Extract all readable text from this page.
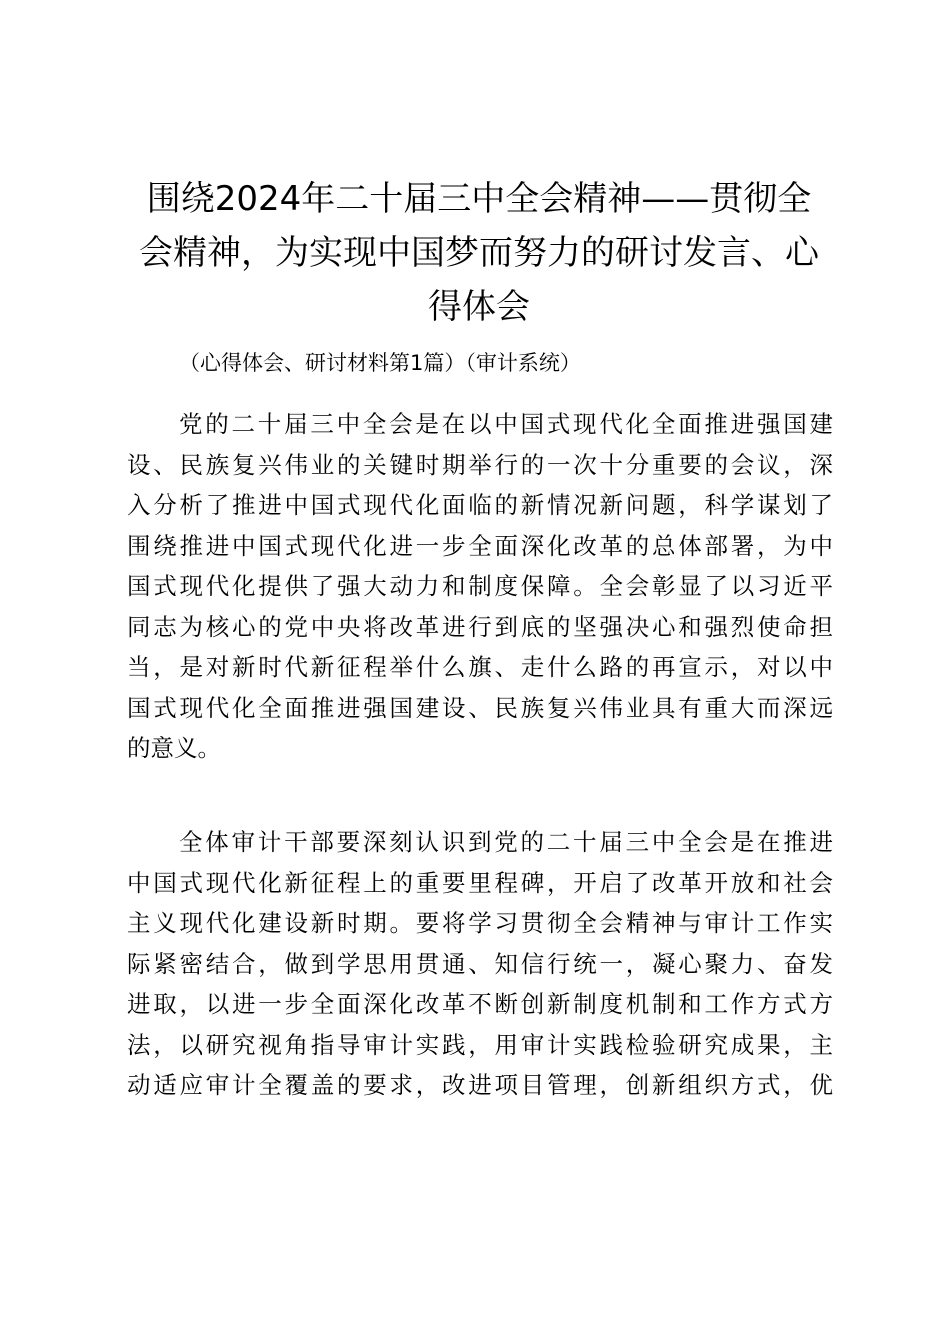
围绕2024年二十届三中全会精神——贯彻全
会精神，为实现中国梦而努力的研讨发言、心
得体会

（心得体会、研讨材料第1篇）（审计系统）

党的二十届三中全会是在以中国式现代化全面推进强国建
设、民族复兴伟业的关键时期举行的一次十分重要的会议，深
入分析了推进中国式现代化面临的新情况新问题，科学谋划了
围绕推进中国式现代化进一步全面深化改革的总体部署，为中
国式现代化提供了强大动力和制度保障。全会彰显了以习近平
同志为核心的党中央将改革进行到底的坚强决心和强烈使命担
当，是对新时代新征程举什么旗、走什么路的再宣示，对以中
国式现代化全面推进强国建设、民族复兴伟业具有重大而深远
的意义。

全体审计干部要深刻认识到党的二十届三中全会是在推进
中国式现代化新征程上的重要里程碑，开启了改革开放和社会
主义现代化建设新时期。要将学习贯彻全会精神与审计工作实
际紧密结合，做到学思用贯通、知信行统一，凝心聚力、奋发
进取，以进一步全面深化改革不断创新制度机制和工作方式方
法，以研究视角指导审计实践，用审计实践检验研究成果，主
动适应审计全覆盖的要求，改进项目管理，创新组织方式，优
